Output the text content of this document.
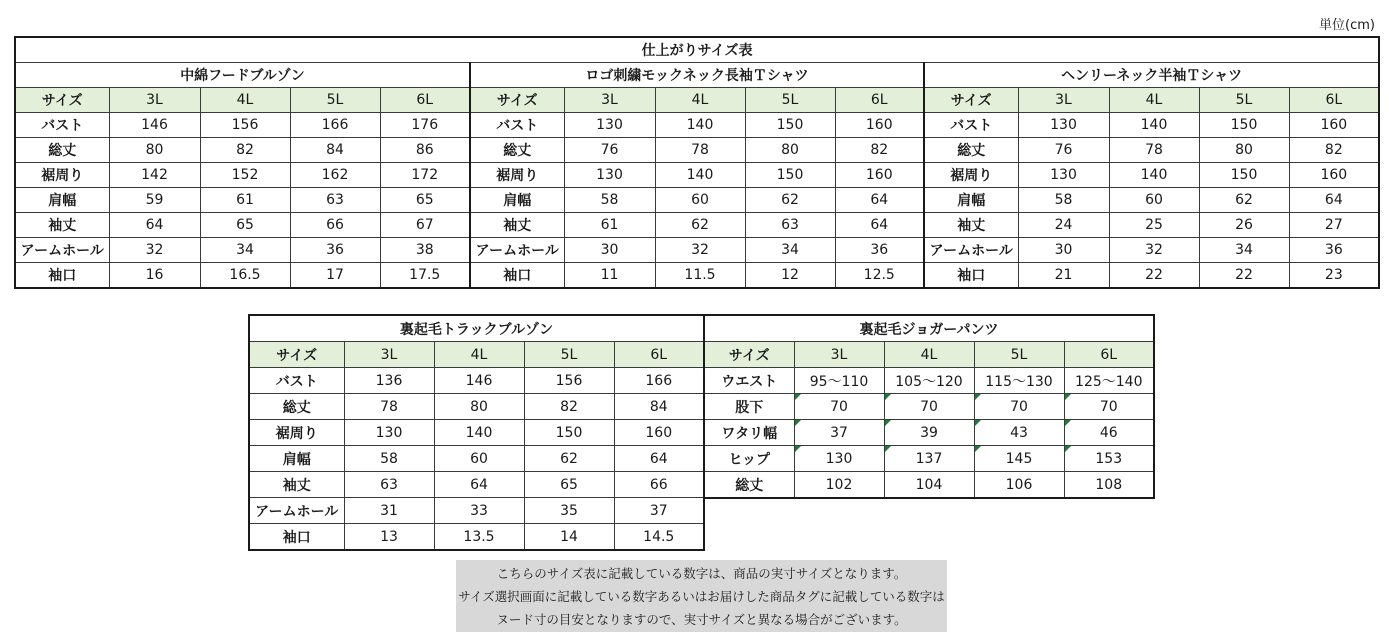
単位(cm)
仕上がりサイズ表														
中綿フードブルゾン					ロゴ刺繍モックネック長袖Ｔシャツ					ヘンリーネック半袖Ｔシャツ				
サイズ	3L	4L	5L	6L	サイズ	3L	4L	5L	6L	サイズ	3L	4L	5L	6L
バスト	146	156	166	176	バスト	130	140	150	160	バスト	130	140	150	160
総丈	80	82	84	86	総丈	76	78	80	82	総丈	76	78	80	82
裾周り	142	152	162	172	裾周り	130	140	150	160	裾周り	130	140	150	160
肩幅	59	61	63	65	肩幅	58	60	62	64	肩幅	58	60	62	64
袖丈	64	65	66	67	袖丈	61	62	63	64	袖丈	24	25	26	27
アームホール	32	34	36	38	アームホール	30	32	34	36	アームホール	30	32	34	36
袖口	16	16.5	17	17.5	袖口	11	11.5	12	12.5	袖口	21	22	22	23
裏起毛トラックブルゾン				
サイズ	3L	4L	5L	6L
バスト	136	146	156	166
総丈	78	80	82	84
裾周り	130	140	150	160
肩幅	58	60	62	64
袖丈	63	64	65	66
アームホール	31	33	35	37
袖口	13	13.5	14	14.5
裏起毛ジョガーパンツ				
サイズ	3L	4L	5L	6L
ウエスト	95～110	105～120	115～130	125～140
股下	70	70	70	70
ワタリ幅	37	39	43	46
ヒップ	130	137	145	153
総丈	102	104	106	108
こちらのサイズ表に記載している数字は、商品の実寸サイズとなります。
サイズ選択画面に記載している数字あるいはお届けした商品タグに記載している数字は
ヌード寸の目安となりますので、実寸サイズと異なる場合がございます。
